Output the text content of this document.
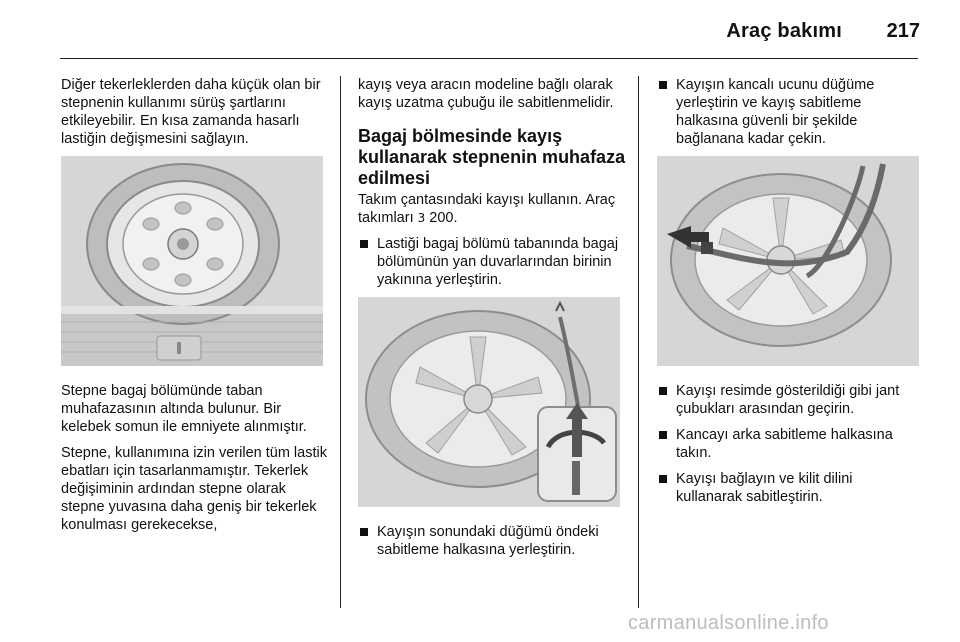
Araç bakımı 217

Diğer tekerleklerden daha küçük olan bir stepnenin kullanımı sürüş şartlarını etkileyebilir. En kısa zamanda hasarlı lastiğin değişmesini sağlayın.

Stepne bagaj bölümünde taban muhafazasının altında bulunur. Bir kelebek somun ile emniyete alınmıştır.

Stepne, kullanımına izin verilen tüm lastik ebatları için tasarlanmamıştır. Tekerlek değişiminin ardından stepne olarak stepne yuvasına daha geniş bir tekerlek konulması gerekecekse,

kayış veya aracın modeline bağlı olarak kayış uzatma çubuğu ile sabitlenmelidir.

Bagaj bölmesinde kayış kullanarak stepnenin muhafaza edilmesi

Takım çantasındaki kayışı kullanın. Araç takımları 3 200.

Lastiği bagaj bölümü tabanında bagaj bölümünün yan duvarlarından birinin yakınına yerleştirin.
Kayışın sonundaki düğümü öndeki sabitleme halkasına yerleştirin.
Kayışın kancalı ucunu düğüme yerleştirin ve kayış sabitleme halkasına güvenli bir şekilde bağlanana kadar çekin.
Kayışı resimde gösterildiği gibi jant çubukları arasından geçirin.
Kancayı arka sabitleme halkasına takın.
Kayışı bağlayın ve kilit dilini kullanarak sabitleştirin.
carmanualsonline.info
